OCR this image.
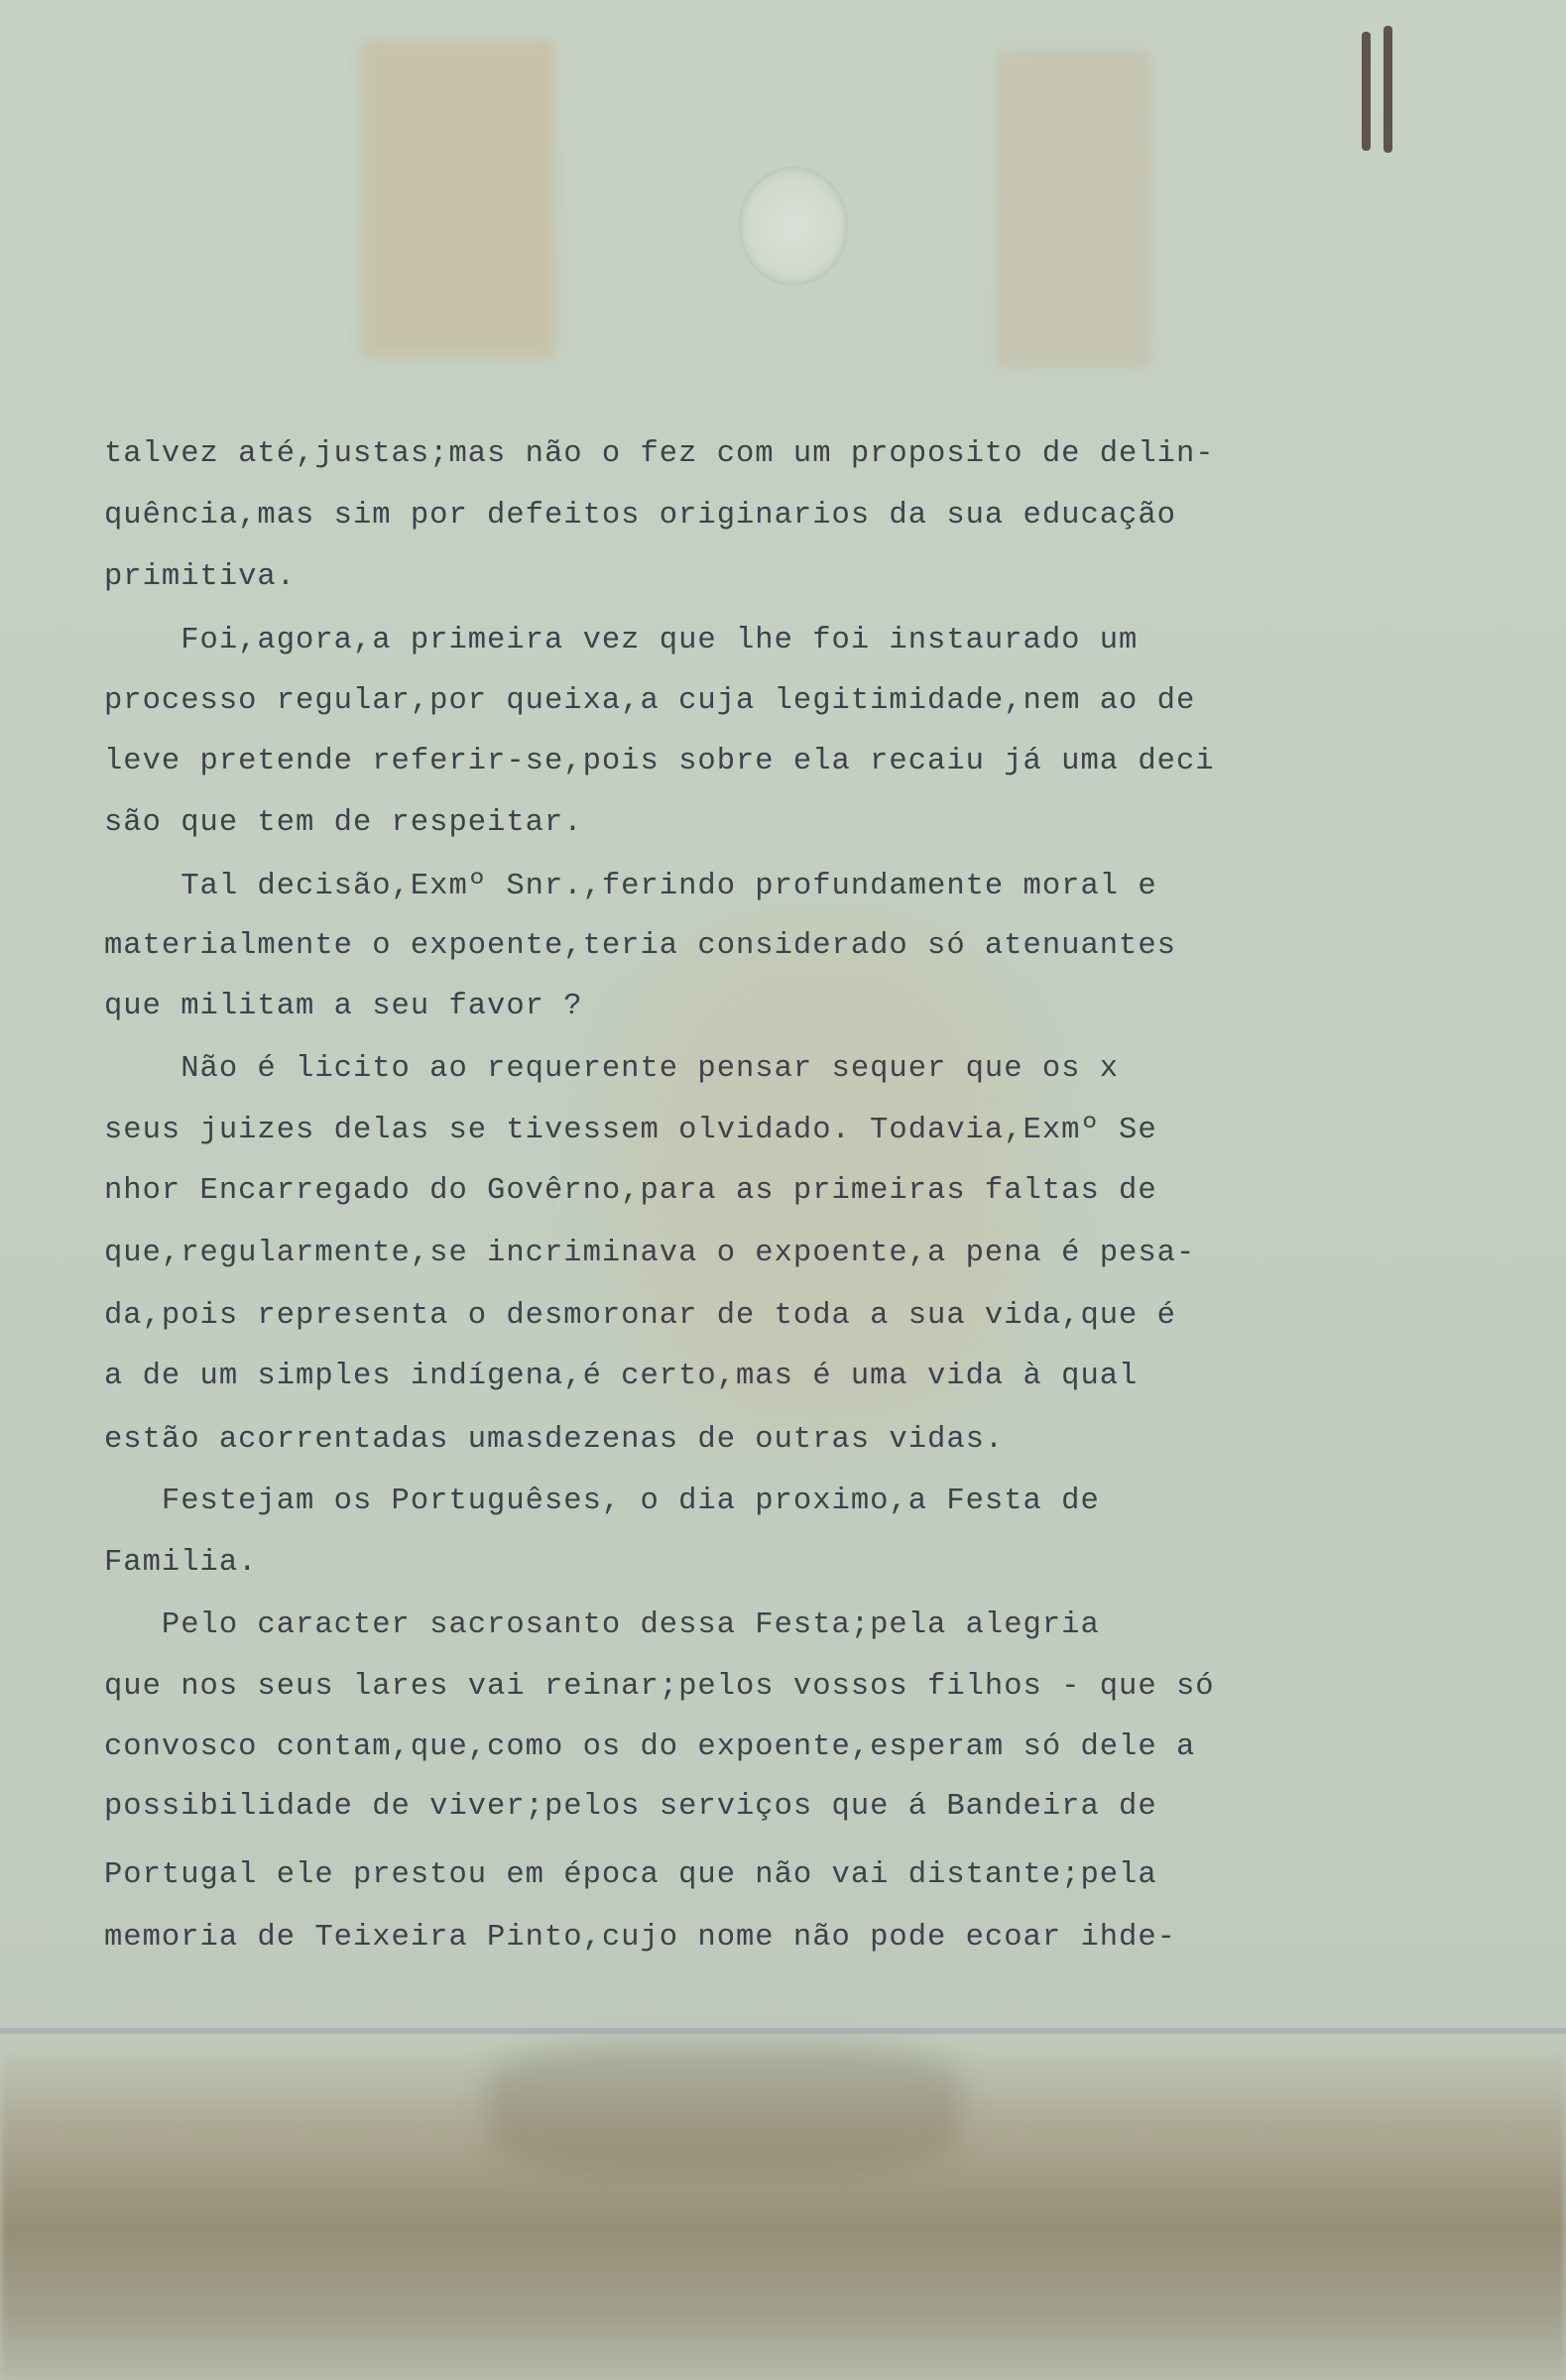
talvez até,justas;mas não o fez com um proposito de delin-
quência,mas sim por defeitos originarios da sua educação
primitiva.
Foi,agora,a primeira vez que lhe foi instaurado um
processo regular,por queixa,a cuja legitimidade,nem ao de
leve pretende referir-se,pois sobre ela recaiu já uma deci
são que tem de respeitar.
Tal decisão,Exmº Snr.,ferindo profundamente moral e
materialmente o expoente,teria considerado só atenuantes
que militam a seu favor ?
Não é licito ao requerente pensar sequer que os x
seus juizes delas se tivessem olvidado. Todavia,Exmº Se
nhor Encarregado do Govêrno,para as primeiras faltas de
que,regularmente,se incriminava o expoente,a pena é pesa-
da,pois representa o desmoronar de toda a sua vida,que é
a de um simples indígena,é certo,mas é uma vida à qual
estão acorrentadas umasdezenas de outras vidas.
Festejam os Portuguêses, o dia proximo,a Festa de
Familia.
Pelo caracter sacrosanto dessa Festa;pela alegria
que nos seus lares vai reinar;pelos vossos filhos - que só
convosco contam,que,como os do expoente,esperam só dele a
possibilidade de viver;pelos serviços que á Bandeira de
Portugal ele prestou em época que não vai distante;pela
memoria de Teixeira Pinto,cujo nome não pode ecoar ihde-
